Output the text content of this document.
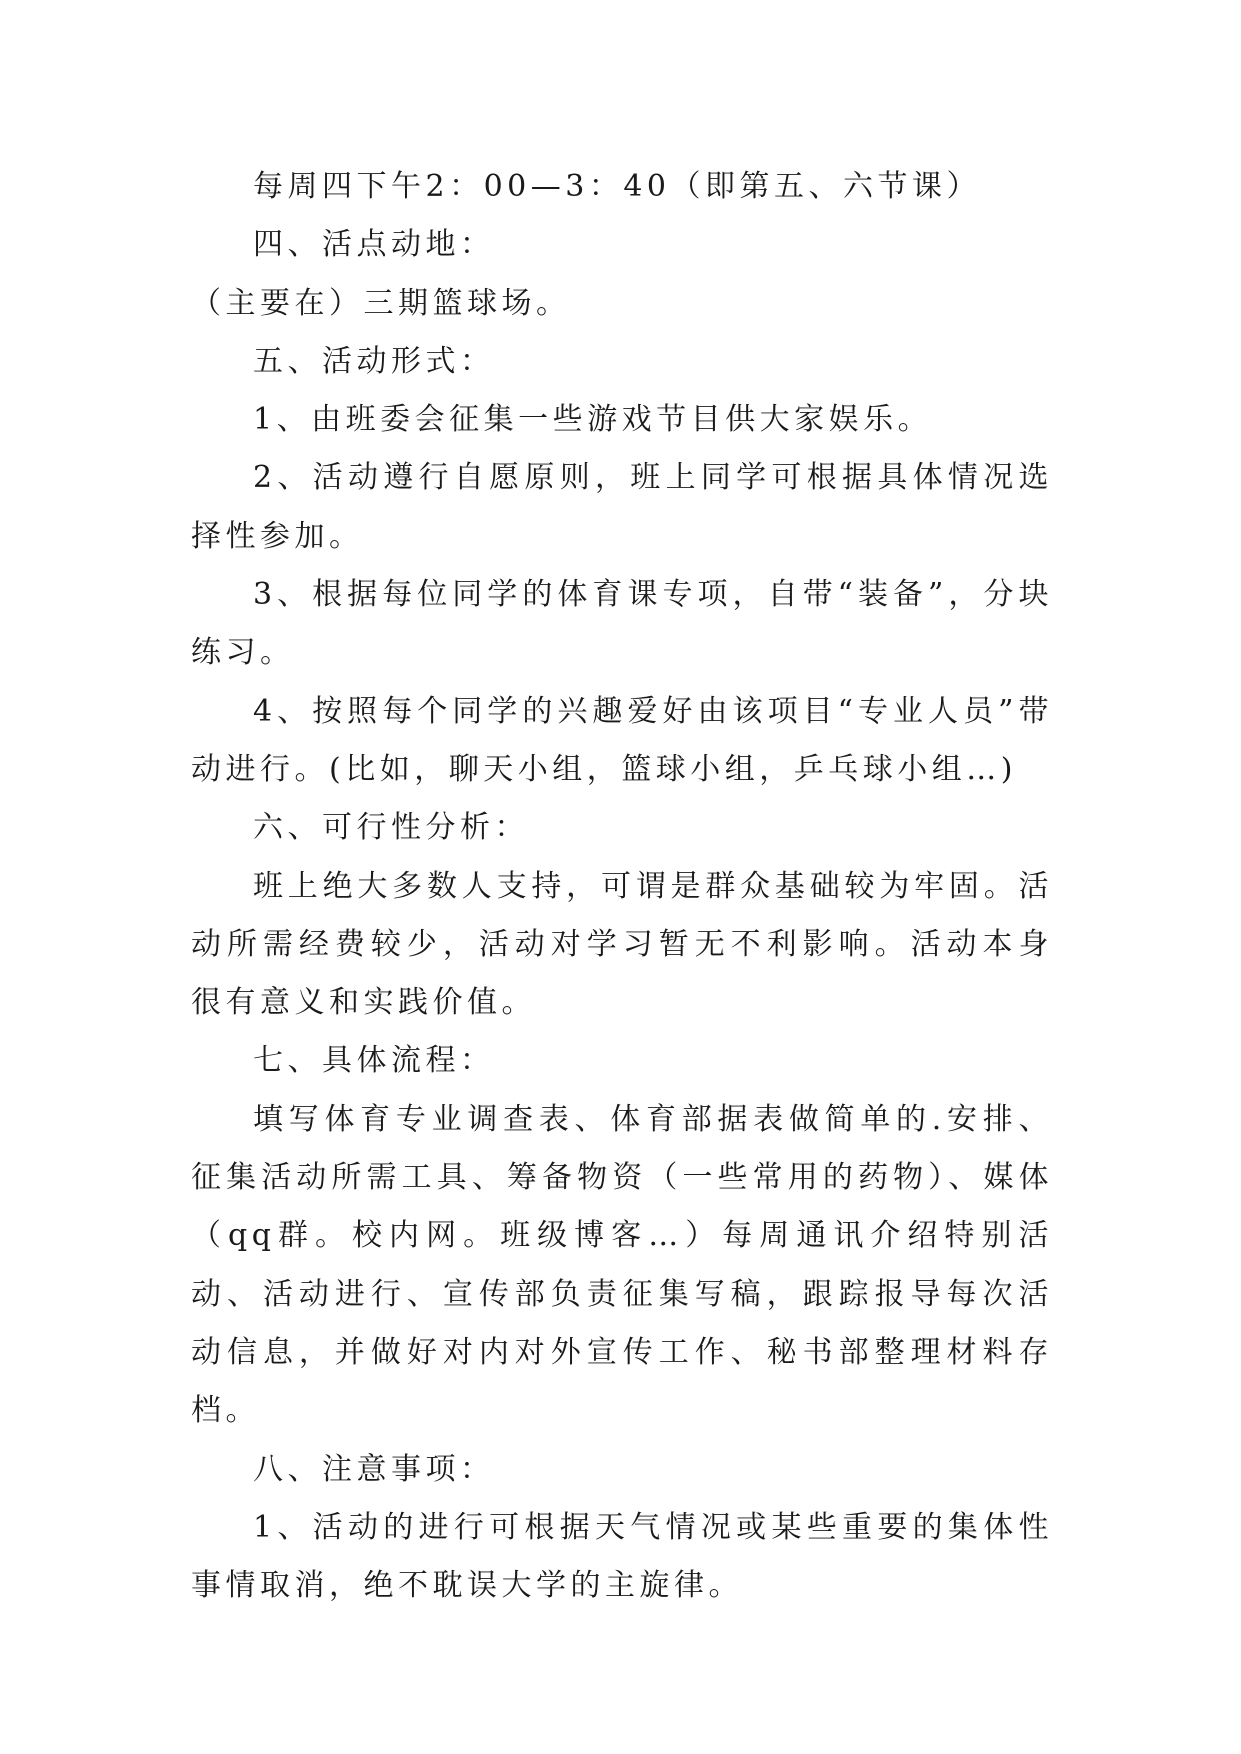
每周四下午2：00—3：40（即第五、六节课）

四、活点动地：

（主要在）三期篮球场。

五、活动形式：

1、由班委会征集一些游戏节目供大家娱乐。

2、活动遵行自愿原则，班上同学可根据具体情况选择性参加。

3、根据每位同学的体育课专项，自带“装备”，分块练习。

4、按照每个同学的兴趣爱好由该项目“专业人员”带动进行。(比如，聊天小组，篮球小组，乒乓球小组…)

六、可行性分析：

班上绝大多数人支持，可谓是群众基础较为牢固。活动所需经费较少，活动对学习暂无不利影响。活动本身很有意义和实践价值。

七、具体流程：

填写体育专业调查表、体育部据表做简单的.安排、征集活动所需工具、筹备物资（一些常用的药物）、媒体（qq群。校内网。班级博客…）每周通讯介绍特别活动、活动进行、宣传部负责征集写稿，跟踪报导每次活动信息，并做好对内对外宣传工作、秘书部整理材料存档。

八、注意事项：

1、活动的进行可根据天气情况或某些重要的集体性事情取消，绝不耽误大学的主旋律。
